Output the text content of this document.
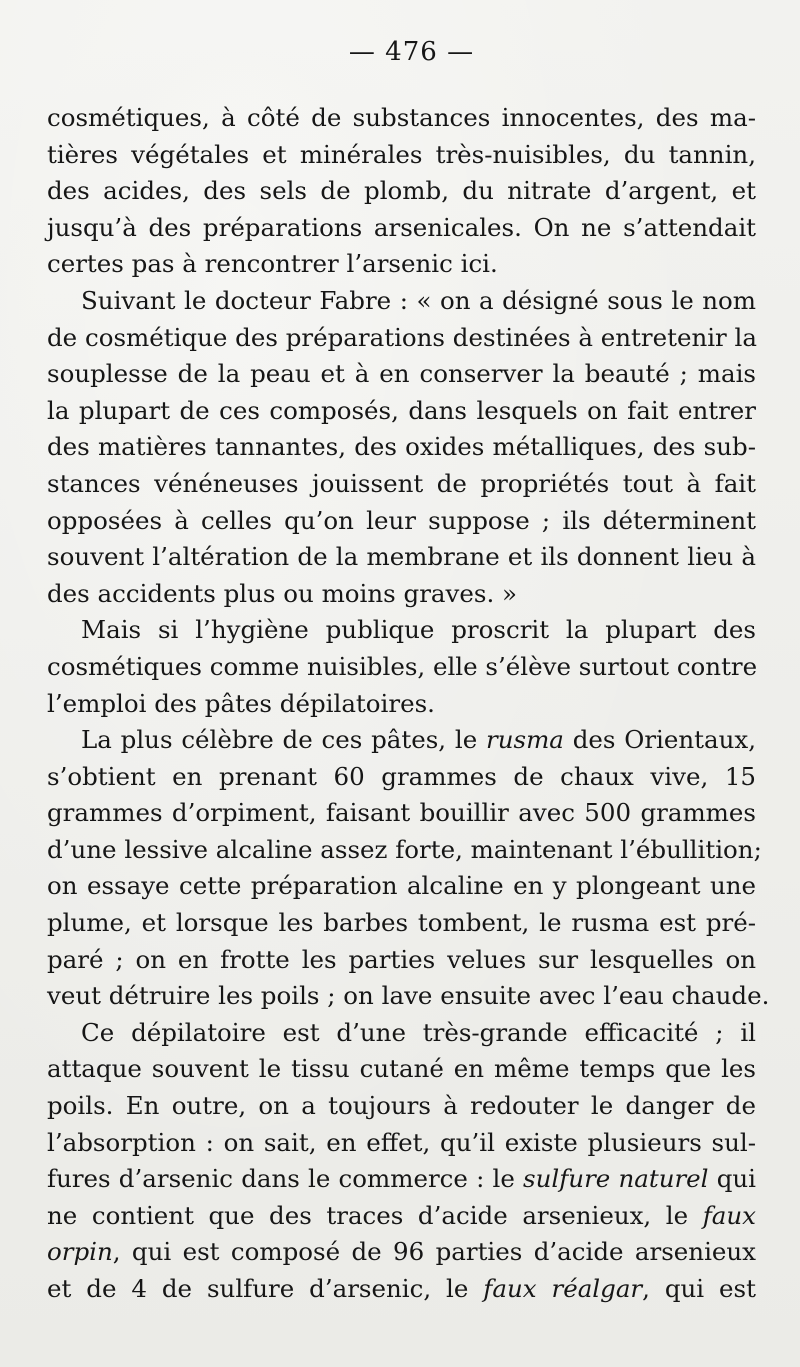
— 476 —
cosmétiques, à côté de substances innocentes, des ma-
tières végétales et minérales très-nuisibles, du tannin,
des acides, des sels de plomb, du nitrate d’argent, et
jusqu’à des préparations arsenicales. On ne s’attendait
certes pas à rencontrer l’arsenic ici.
Suivant le docteur Fabre : « on a désigné sous le nom
de cosmétique des préparations destinées à entretenir la
souplesse de la peau et à en conserver la beauté ; mais
la plupart de ces composés, dans lesquels on fait entrer
des matières tannantes, des oxides métalliques, des sub-
stances vénéneuses jouissent de propriétés tout à fait
opposées à celles qu’on leur suppose ; ils déterminent
souvent l’altération de la membrane et ils donnent lieu à
des accidents plus ou moins graves. »
Mais si l’hygiène publique proscrit la plupart des
cosmétiques comme nuisibles, elle s’élève surtout contre
l’emploi des pâtes dépilatoires.
La plus célèbre de ces pâtes, le rusma des Orientaux,
s’obtient en prenant 60 grammes de chaux vive, 15
grammes d’orpiment, faisant bouillir avec 500 grammes
d’une lessive alcaline assez forte, maintenant l’ébullition;
on essaye cette préparation alcaline en y plongeant une
plume, et lorsque les barbes tombent, le rusma est pré-
paré ; on en frotte les parties velues sur lesquelles on
veut détruire les poils ; on lave ensuite avec l’eau chaude.
Ce dépilatoire est d’une très-grande efficacité ; il
attaque souvent le tissu cutané en même temps que les
poils. En outre, on a toujours à redouter le danger de
l’absorption : on sait, en effet, qu’il existe plusieurs sul-
fures d’arsenic dans le commerce : le sulfure naturel qui
ne contient que des traces d’acide arsenieux, le faux
orpin, qui est composé de 96 parties d’acide arsenieux
et de 4 de sulfure d’arsenic, le faux réalgar, qui est
